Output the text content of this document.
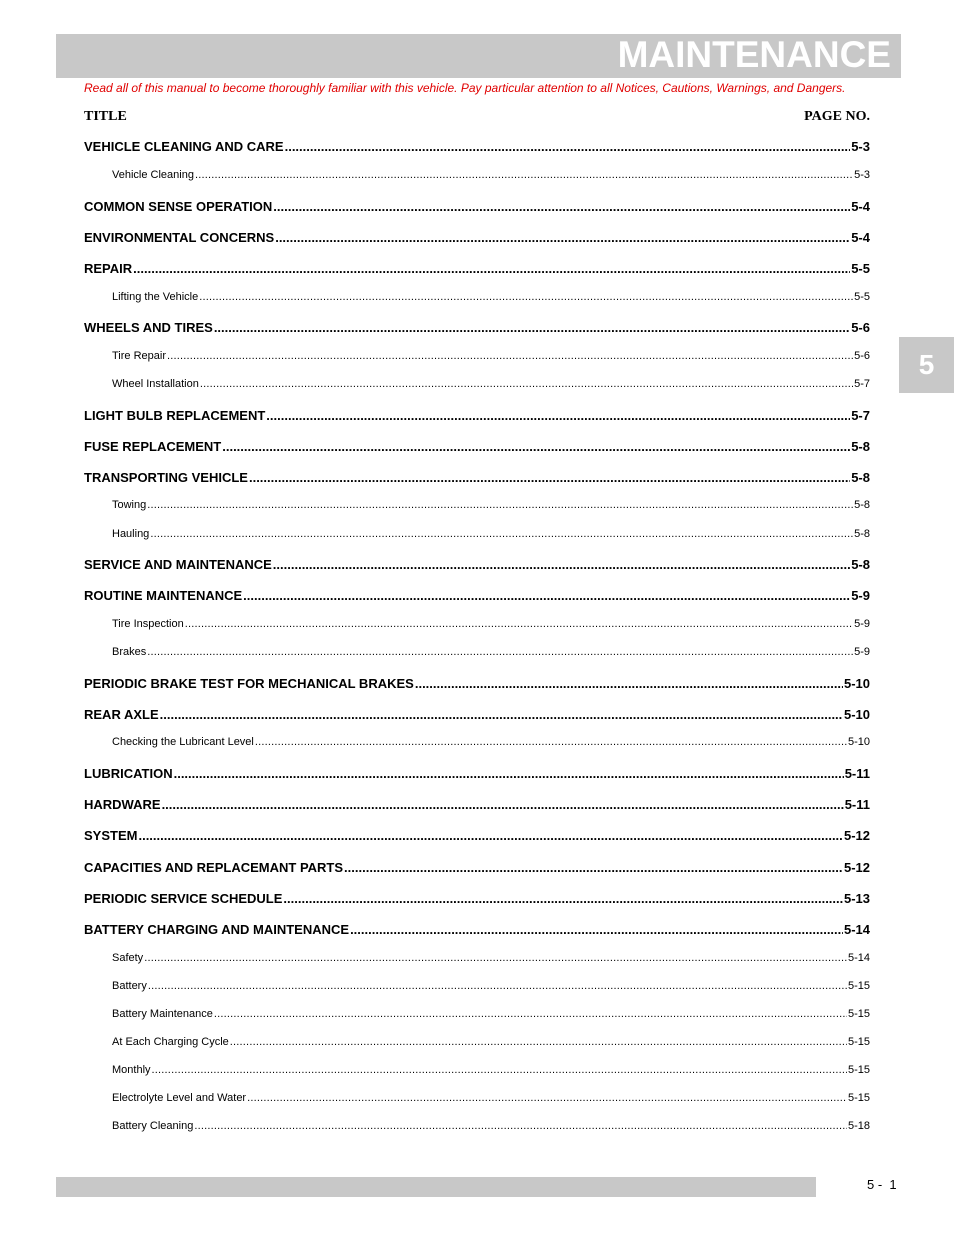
MAINTENANCE
Read all of this manual to become thoroughly familiar with this vehicle. Pay particular attention to all Notices, Cautions, Warnings, and Dangers.
TITLE	PAGE NO.
VEHICLE CLEANING AND CARE .....	5-3
Vehicle Cleaning .....	5-3
COMMON SENSE OPERATION .....	5-4
ENVIRONMENTAL CONCERNS .....	5-4
REPAIR .....	5-5
Lifting the Vehicle .....	5-5
WHEELS AND TIRES .....	5-6
Tire Repair .....	5-6
Wheel Installation .....	5-7
LIGHT BULB REPLACEMENT .....	5-7
FUSE REPLACEMENT .....	5-8
TRANSPORTING VEHICLE .....	5-8
Towing .....	5-8
Hauling .....	5-8
SERVICE AND MAINTENANCE .....	5-8
ROUTINE MAINTENANCE .....	5-9
Tire Inspection .....	5-9
Brakes .....	5-9
PERIODIC BRAKE TEST FOR MECHANICAL BRAKES .....	5-10
REAR AXLE .....	5-10
Checking the Lubricant Level .....	5-10
LUBRICATION .....	5-11
HARDWARE .....	5-11
SYSTEM .....	5-12
CAPACITIES AND REPLACEMANT PARTS .....	5-12
PERIODIC SERVICE SCHEDULE .....	5-13
BATTERY CHARGING AND MAINTENANCE .....	5-14
Safety .....	5-14
Battery .....	5-15
Battery Maintenance .....	5-15
At Each Charging Cycle .....	5-15
Monthly .....	5-15
Electrolyte Level and Water .....	5-15
Battery Cleaning .....	5-18
5
5 -  1
